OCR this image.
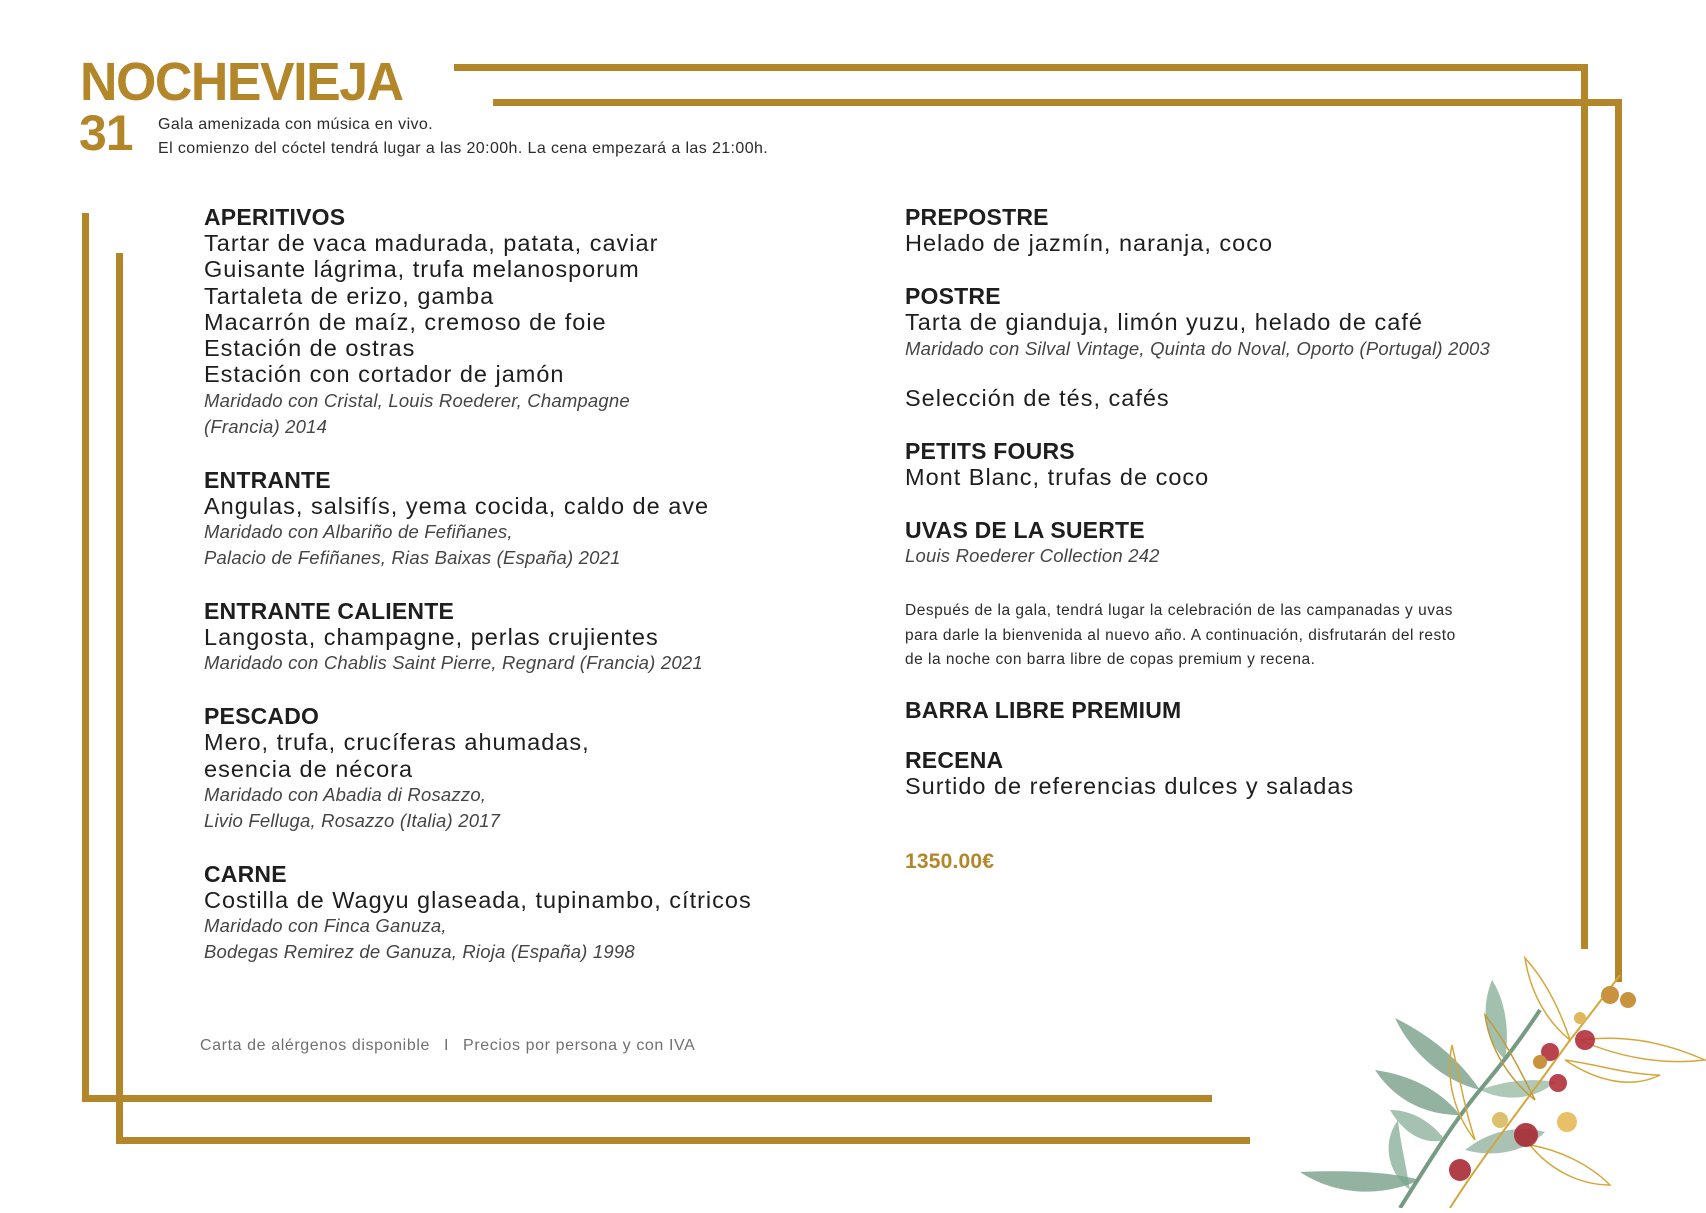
NOCHEVIEJA
31 Gala amenizada con música en vivo.
El comienzo del cóctel tendrá lugar a las 20:00h. La cena empezará a las 21:00h.
APERITIVOS
Tartar de vaca madurada, patata, caviar
Guisante lágrima, trufa melanosporum
Tartaleta de erizo, gamba
Macarrón de maíz, cremoso de foie
Estación de ostras
Estación con cortador de jamón
Maridado con Cristal, Louis Roederer, Champagne
(Francia) 2014
ENTRANTE
Angulas, salsifís, yema cocida, caldo de ave
Maridado con Albariño de Fefiñanes,
Palacio de Fefiñanes, Rias Baixas (España) 2021
ENTRANTE CALIENTE
Langosta, champagne, perlas crujientes
Maridado con Chablis Saint Pierre, Regnard (Francia) 2021
PESCADO
Mero, trufa, crucíferas ahumadas,
esencia de nécora
Maridado con Abadia di Rosazzo,
Livio Felluga, Rosazzo (Italia) 2017
CARNE
Costilla de Wagyu glaseada, tupinambo, cítricos
Maridado con Finca Ganuza,
Bodegas Remirez de Ganuza, Rioja (España) 1998
PREPOSTRE
Helado de jazmín, naranja, coco
POSTRE
Tarta de gianduja, limón yuzu, helado de café
Maridado con Silval Vintage, Quinta do Noval, Oporto (Portugal) 2003
Selección de tés, cafés
PETITS FOURS
Mont Blanc, trufas de coco
UVAS DE LA SUERTE
Louis Roederer Collection 242
Después de la gala, tendrá lugar la celebración de las campanadas y uvas
para darle la bienvenida al nuevo año. A continuación, disfrutarán del resto
de la noche con barra libre de copas premium y recena.
BARRA LIBRE PREMIUM
RECENA
Surtido de referencias dulces y saladas
1350.00€
Carta de alérgenos disponible I Precios por persona y con IVA
